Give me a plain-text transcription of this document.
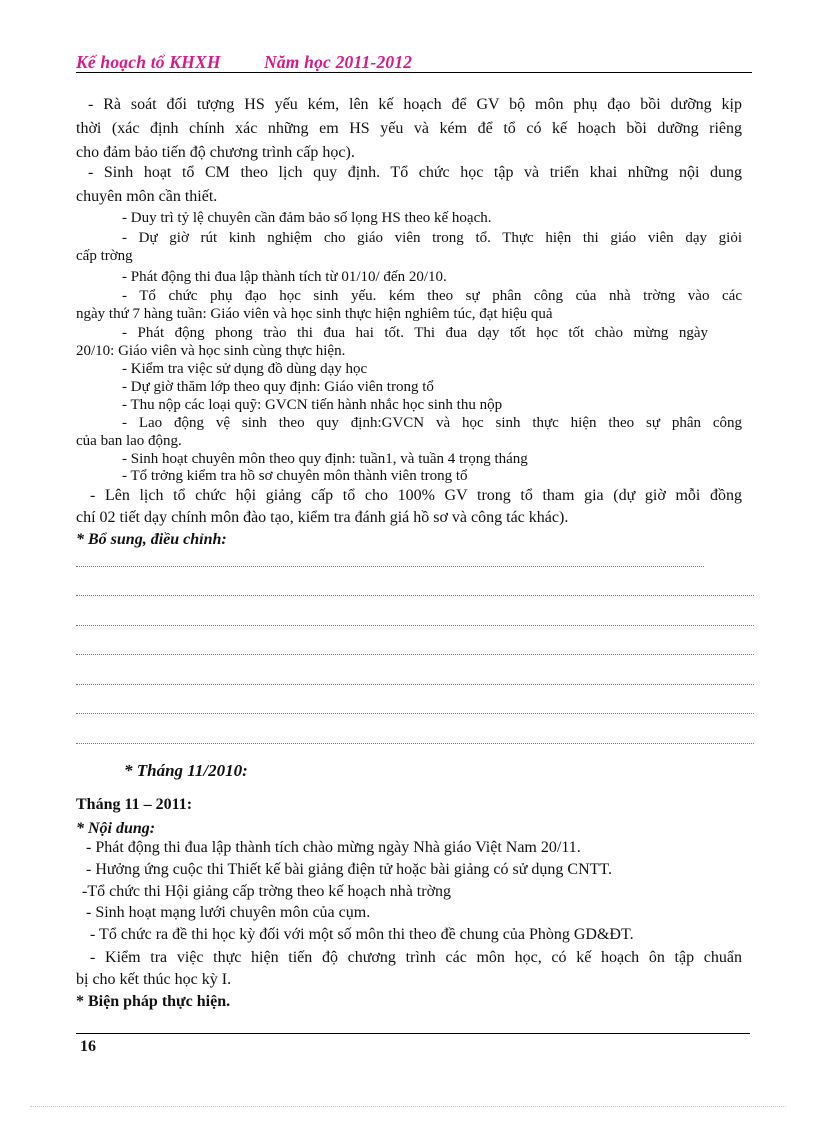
Kế hoạch tổ KHXH Năm học 2011-2012
- Rà soát đối tượng HS yếu kém, lên kế hoạch để GV bộ môn phụ đạo bồi dưỡng kịp
thời (xác định chính xác những em HS yếu và kém để tổ có kế hoạch bồi dưỡng riêng
cho đảm bảo tiến độ chương trình cấp học).
- Sinh hoạt tổ CM theo lịch quy định. Tổ chức học tập và triển khai những nội dung
chuyên môn cần thiết.
- Duy trì tỷ lệ chuyên cần đảm bảo số lọng HS theo kế hoạch.
- Dự giờ rút kinh nghiệm cho giáo viên trong tổ. Thực hiện thi giáo viên dạy giỏi
cấp trờng
- Phát động thi đua lập thành tích từ 01/10/ đến 20/10.
- Tổ chức phụ đạo học sinh yếu. kém theo sự phân công của nhà trờng vào các
ngày thứ 7 hàng tuần: Giáo viên và học sinh thực hiện nghiêm túc, đạt hiệu quả
- Phát động phong trào thi đua hai tốt. Thi đua dạy tốt học tốt chào mừng ngày
20/10: Giáo viên và học sinh cùng thực hiện.
- Kiểm tra việc sử dụng đồ dùng dạy học
- Dự giờ thăm lớp theo quy định: Giáo viên trong tổ
- Thu nộp các loại quỹ: GVCN tiến hành nhắc học sinh thu nộp
- Lao động vệ sinh theo quy định:GVCN và học sinh thực hiện theo sự phân công
của ban lao động.
- Sinh hoạt chuyên môn theo quy định: tuần1, và tuần 4 trọng tháng
- Tổ trởng kiểm tra hồ sơ chuyên môn thành viên trong tổ
- Lên lịch tổ chức hội giảng cấp tổ cho 100% GV trong tổ tham gia (dự giờ mỗi đồng
chí 02 tiết dạy chính môn đào tạo, kiểm tra đánh giá hồ sơ và công tác khác).
* Bổ sung, điều chỉnh:
* Tháng 11/2010:
Tháng 11 – 2011:
* Nội dung:
- Phát động thi đua lập thành tích chào mừng ngày Nhà giáo Việt Nam 20/11.
- Hưởng ứng cuộc thi Thiết kế bài giảng điện tử hoặc bài giảng có sử dụng CNTT.
-Tổ chức thi Hội giảng cấp trờng theo kế hoạch nhà trờng
- Sinh hoạt mạng lưới chuyên môn của cụm.
- Tổ chức ra đề thi học kỳ đối với một số môn thi theo đề chung của Phòng GD&ĐT.
- Kiểm tra việc thực hiện tiến độ chương trình các môn học, có kế hoạch ôn tập chuẩn
bị cho kết thúc học kỳ I.
* Biện pháp thực hiện.
16
